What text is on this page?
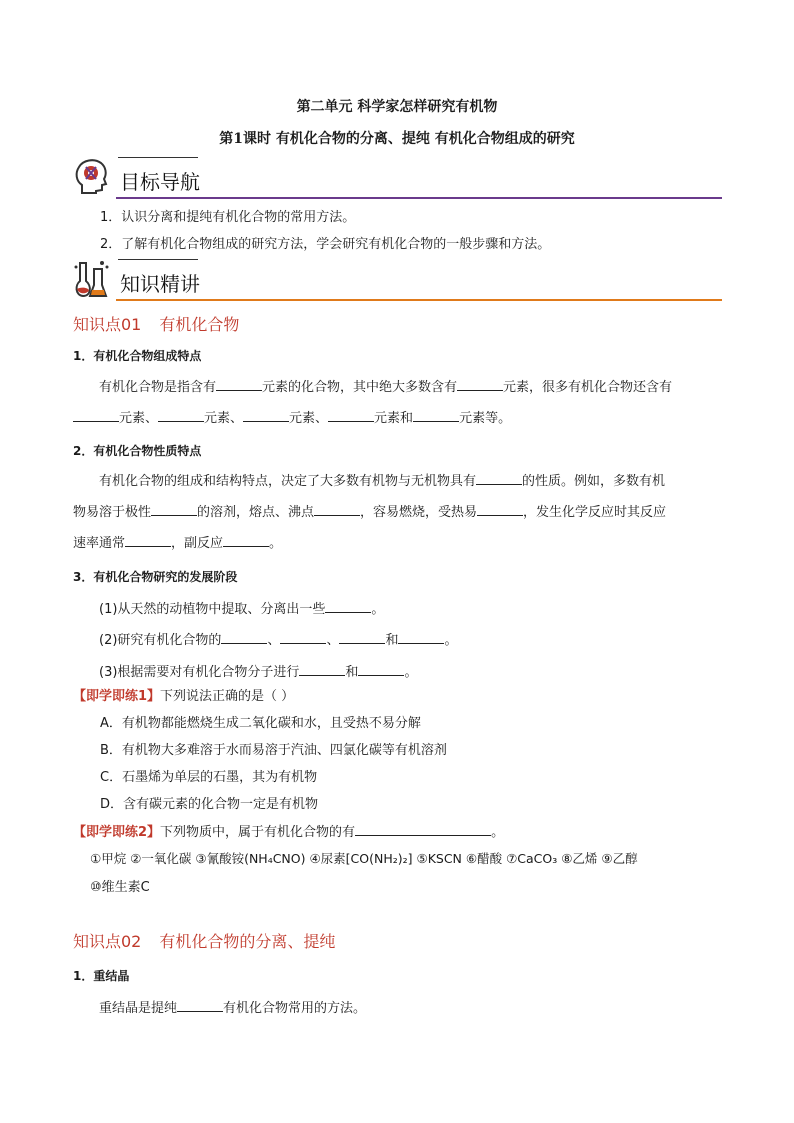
第二单元 科学家怎样研究有机物
第1课时 有机化合物的分离、提纯 有机化合物组成的研究
目标导航
1．认识分离和提纯有机化合物的常用方法。
2．了解有机化合物组成的研究方法，学会研究有机化合物的一般步骤和方法。
知识精讲
知识点01 有机化合物
1．有机化合物组成特点
有机化合物是指含有	元素的化合物，其中绝大多数含有	元素，很多有机化合物还含有
元素、	元素、	元素、	元素和	元素等。
2．有机化合物性质特点
有机化合物的组成和结构特点，决定了大多数有机物与无机物具有	的性质。例如，多数有机
物易溶于极性	的溶剂，熔点、沸点	，容易燃烧，受热易	，发生化学反应时其反应
速率通常	，副反应	。
3．有机化合物研究的发展阶段
(1)从天然的动植物中提取、分离出一些	。
(2)研究有机化合物的	、	、	和	。
(3)根据需要对有机化合物分子进行	和	。
【即学即练1】下列说法正确的是（ ）
A．有机物都能燃烧生成二氧化碳和水，且受热不易分解
B．有机物大多难溶于水而易溶于汽油、四氯化碳等有机溶剂
C．石墨烯为单层的石墨，其为有机物
D．含有碳元素的化合物一定是有机物
【即学即练2】下列物质中，属于有机化合物的有	。
①甲烷 ②一氧化碳 ③氰酸铵(NH₄CNO) ④尿素[CO(NH₂)₂] ⑤KSCN ⑥醋酸 ⑦CaCO₃ ⑧乙烯 ⑨乙醇
⑩维生素C
知识点02 有机化合物的分离、提纯
1．重结晶
重结晶是提纯	有机化合物常用的方法。
